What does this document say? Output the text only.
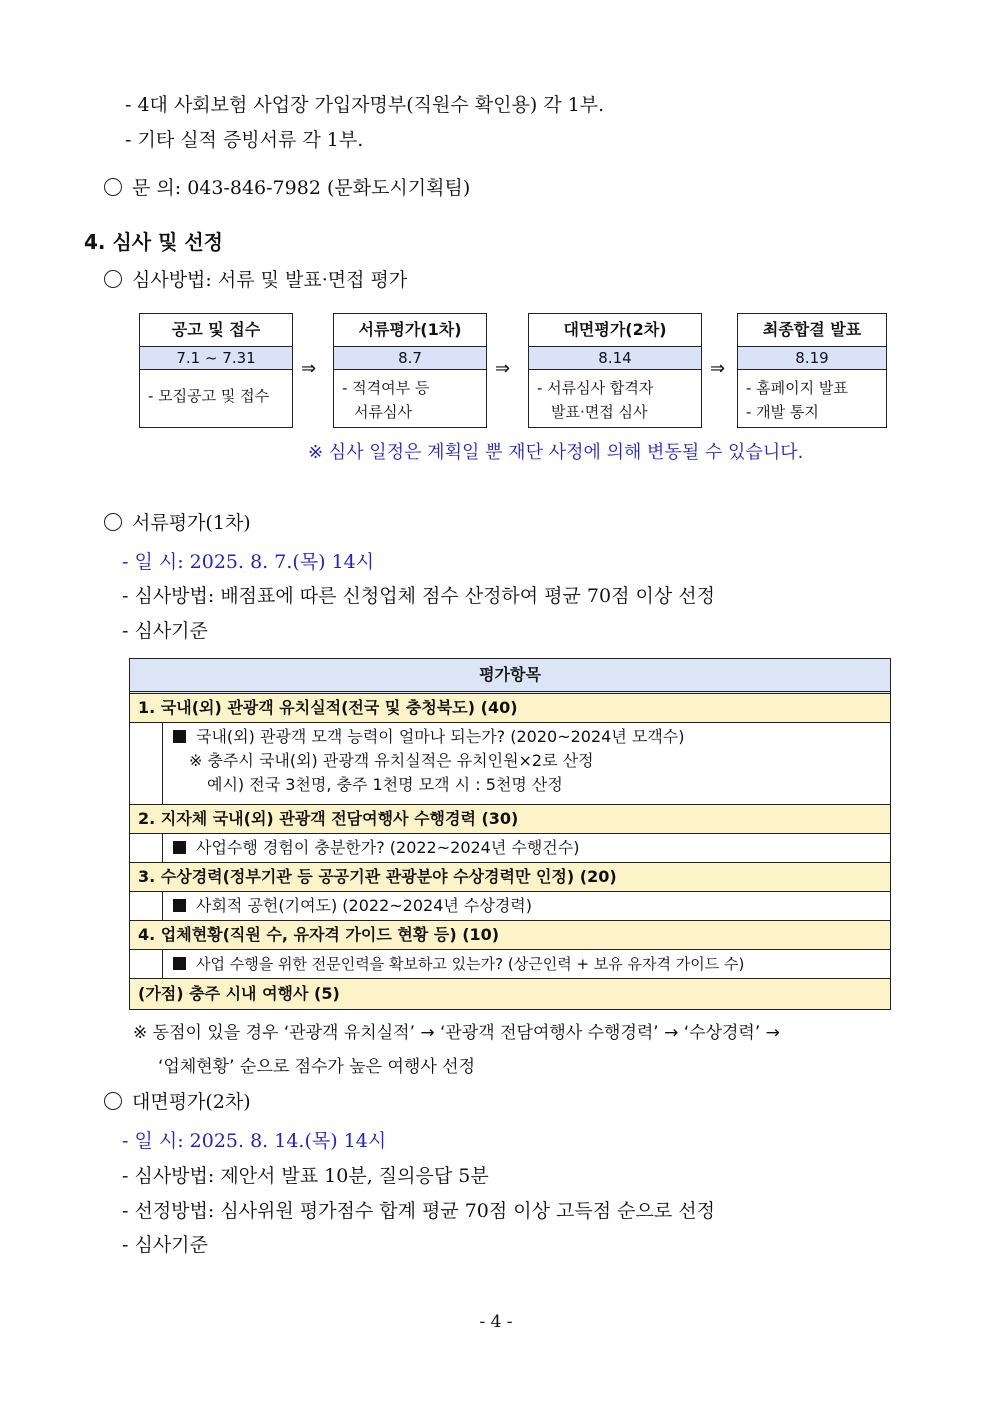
- 4대 사회보험 사업장 가입자명부(직원수 확인용) 각 1부.
- 기타 실적 증빙서류 각 1부.
문 의: 043-846-7982 (문화도시기획팀)
4. 심사 및 선정
심사방법: 서류 및 발표·면접 평가
공고 및 접수
7.1 ~ 7.31
- 모집공고 및 접수
⇒
서류평가(1차)
8.7
- 적격여부 등
서류심사
⇒
대면평가(2차)
8.14
- 서류심사 합격자
발표·면접 심사
⇒
최종합결 발표
8.19
- 홈페이지 발표
- 개발 통지
※ 심사 일정은 계획일 뿐 재단 사정에 의해 변동될 수 있습니다.
서류평가(1차)
- 일 시: 2025. 8. 7.(목) 14시
- 심사방법: 배점표에 따른 신청업체 점수 산정하여 평균 70점 이상 선정
- 심사기준
평가항목
1. 국내(외) 관광객 유치실적(전국 및 충청북도) (40)
국내(외) 관광객 모객 능력이 얼마나 되는가? (2020~2024년 모객수)
※ 충주시 국내(외) 관광객 유치실적은 유치인원×2로 산정
예시) 전국 3천명, 충주 1천명 모객 시 : 5천명 산정
2. 지자체 국내(외) 관광객 전담여행사 수행경력 (30)
사업수행 경험이 충분한가? (2022~2024년 수행건수)
3. 수상경력(정부기관 등 공공기관 관광분야 수상경력만 인정) (20)
사회적 공헌(기여도) (2022~2024년 수상경력)
4. 업체현황(직원 수, 유자격 가이드 현황 등) (10)
사업 수행을 위한 전문인력을 확보하고 있는가? (상근인력 + 보유 유자격 가이드 수)
(가점) 충주 시내 여행사 (5)
※ 동점이 있을 경우 ‘관광객 유치실적’ → ‘관광객 전담여행사 수행경력’ → ‘수상경력’ →
‘업체현황’ 순으로 점수가 높은 여행사 선정
대면평가(2차)
- 일 시: 2025. 8. 14.(목) 14시
- 심사방법: 제안서 발표 10분, 질의응답 5분
- 선정방법: 심사위원 평가점수 합계 평균 70점 이상 고득점 순으로 선정
- 심사기준
- 4 -
